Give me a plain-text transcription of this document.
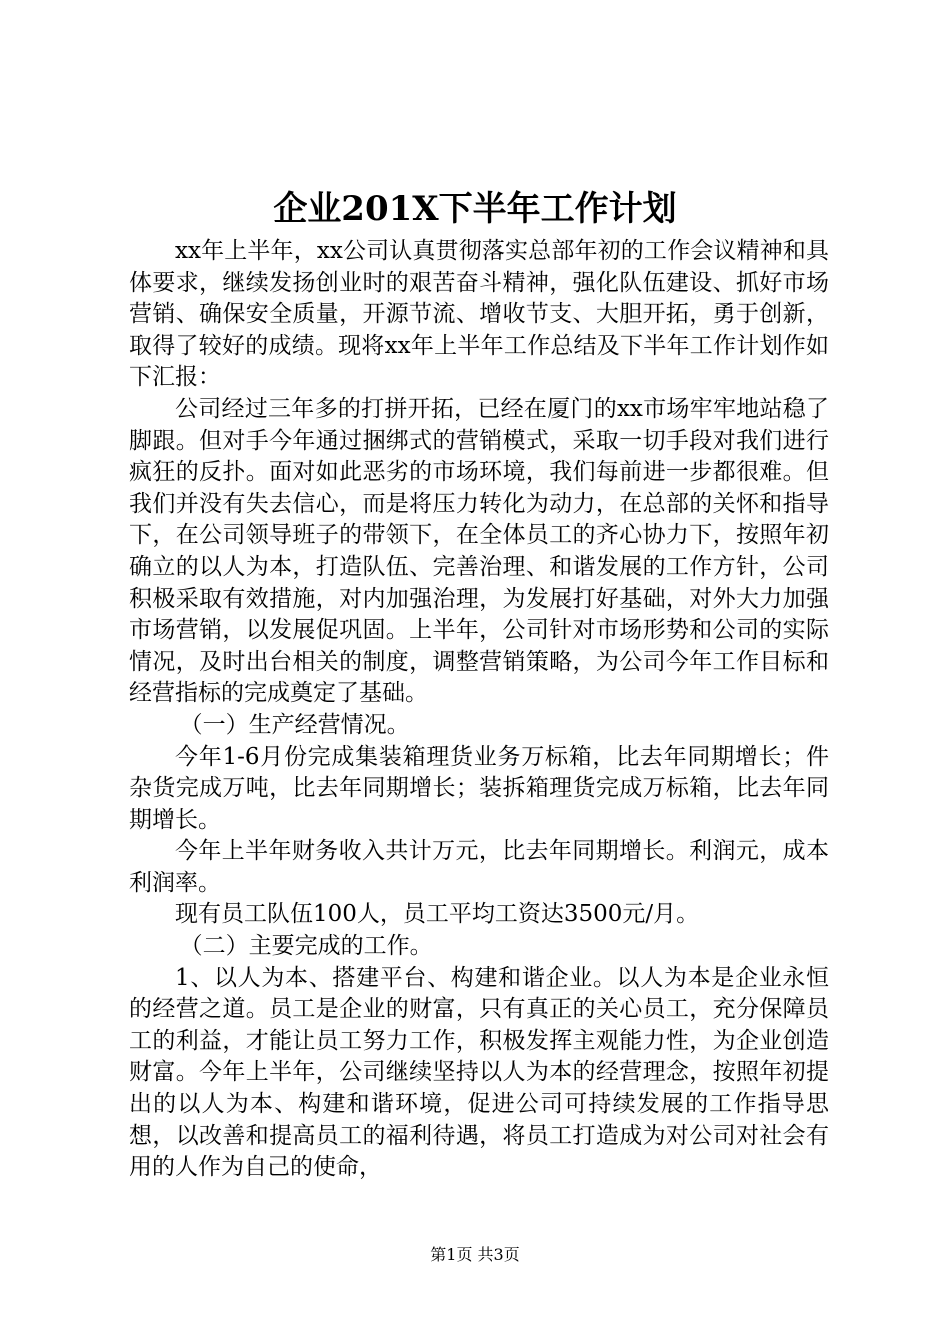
企业201X下半年工作计划

xx年上半年，xx公司认真贯彻落实总部年初的工作会议精神和具体要求，继续发扬创业时的艰苦奋斗精神，强化队伍建设、抓好市场营销、确保安全质量，开源节流、增收节支、大胆开拓，勇于创新，取得了较好的成绩。现将xx年上半年工作总结及下半年工作计划作如下汇报：

公司经过三年多的打拼开拓，已经在厦门的xx市场牢牢地站稳了脚跟。但对手今年通过捆绑式的营销模式，采取一切手段对我们进行疯狂的反扑。面对如此恶劣的市场环境，我们每前进一步都很难。但我们并没有失去信心，而是将压力转化为动力，在总部的关怀和指导下，在公司领导班子的带领下，在全体员工的齐心协力下，按照年初确立的以人为本，打造队伍、完善治理、和谐发展的工作方针，公司积极采取有效措施，对内加强治理，为发展打好基础，对外大力加强市场营销，以发展促巩固。上半年，公司针对市场形势和公司的实际情况，及时出台相关的制度，调整营销策略，为公司今年工作目标和经营指标的完成奠定了基础。

（一）生产经营情况。

今年1-6月份完成集装箱理货业务万标箱，比去年同期增长；件杂货完成万吨，比去年同期增长；装拆箱理货完成万标箱，比去年同期增长。

今年上半年财务收入共计万元，比去年同期增长。利润元，成本利润率。

现有员工队伍100人，员工平均工资达3500元/月。

（二）主要完成的工作。

1、以人为本、搭建平台、构建和谐企业。以人为本是企业永恒的经营之道。员工是企业的财富，只有真正的关心员工，充分保障员工的利益，才能让员工努力工作，积极发挥主观能力性，为企业创造财富。今年上半年，公司继续坚持以人为本的经营理念，按照年初提出的以人为本、构建和谐环境，促进公司可持续发展的工作指导思想，以改善和提高员工的福利待遇，将员工打造成为对公司对社会有用的人作为自己的使命，

第1页 共3页
